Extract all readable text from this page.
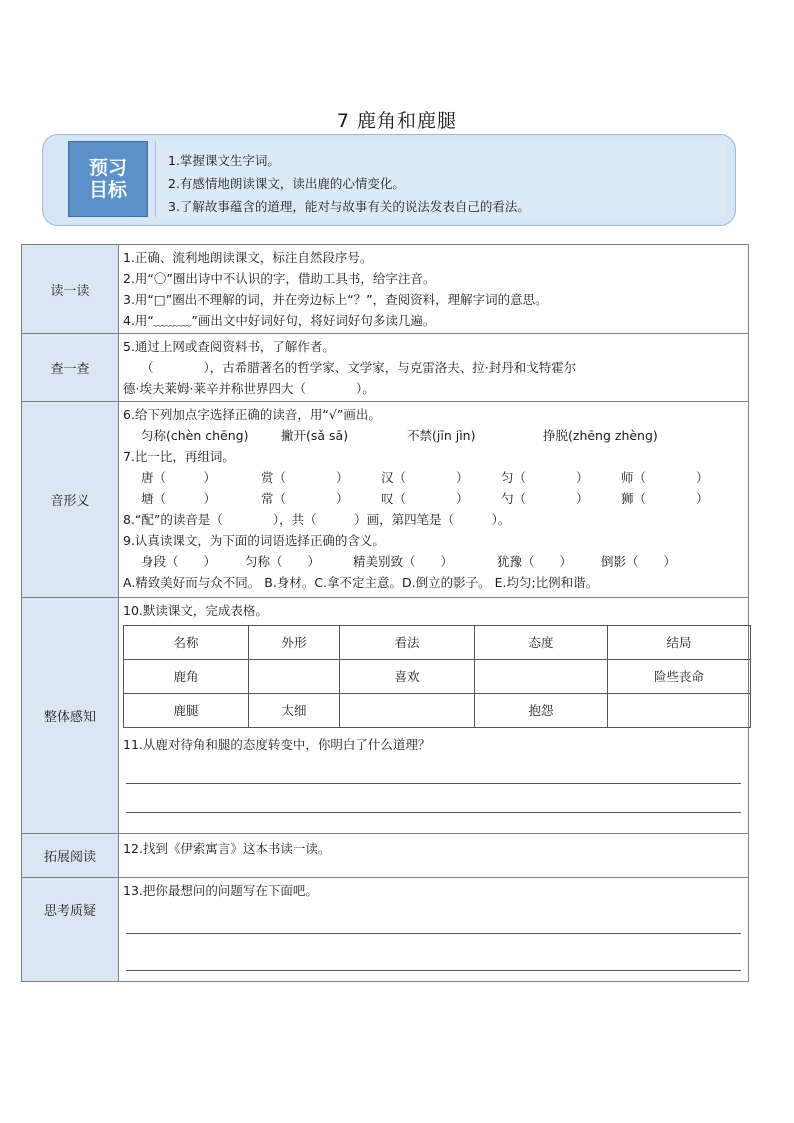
7 鹿角和鹿腿
预习
目标
1.掌握课文生字词。
2.有感情地朗读课文，读出鹿的心情变化。
3.了解故事蕴含的道理，能对与故事有关的说法发表自己的看法。
读一读	
1.正确、流利地朗读课文，标注自然段序号。
2.用“〇”圈出诗中不认识的字，借助工具书，给字注音。
3.用“□”圈出不理解的词，并在旁边标上“？”，查阅资料，理解字词的意思。
4.用“﹏﹏﹏”画出文中好词好句，将好词好句多读几遍。

查一查	
5.通过上网或查阅资料书，了解作者。
（　　　　），古希腊著名的哲学家、文学家，与克雷洛夫、拉·封丹和戈特霍尔
德·埃夫莱姆·莱辛并称世界四大（　　　　）。

音形义	
6.给下列加点字选择正确的读音，用“√”画出。
匀称(chèn chēng)	撇开(sǎ sā)	不禁(jīn jìn)	挣脱(zhēng zhèng)
7.比一比，再组词。
唐（　　　）	赏（　　　　）	汉（　　　　）	匀（　　　　）	师（　　　　）
塘（　　　）	常（　　　　）	叹（　　　　）	勺（　　　　）	狮（　　　　）
8.“配”的读音是（　　　　），共（　　　）画，第四笔是（　　　）。
9.认真读课文，为下面的词语选择正确的含义。
身段（　　）	匀称（　　）	精美别致（　　）	犹豫（　　）	倒影（　　）
A.精致美好而与众不同。 B.身材。C.拿不定主意。D.倒立的影子。 E.均匀;比例和谐。

整体感知	
10.默读课文，完成表格。
名称	外形	看法	态度	结局
鹿角		喜欢		险些丧命
鹿腿	太细		抱怨	
11.从鹿对待角和腿的态度转变中，你明白了什么道理？

拓展阅读	
12.找到《伊索寓言》这本书读一读。

思考质疑	
13.把你最想问的问题写在下面吧。
